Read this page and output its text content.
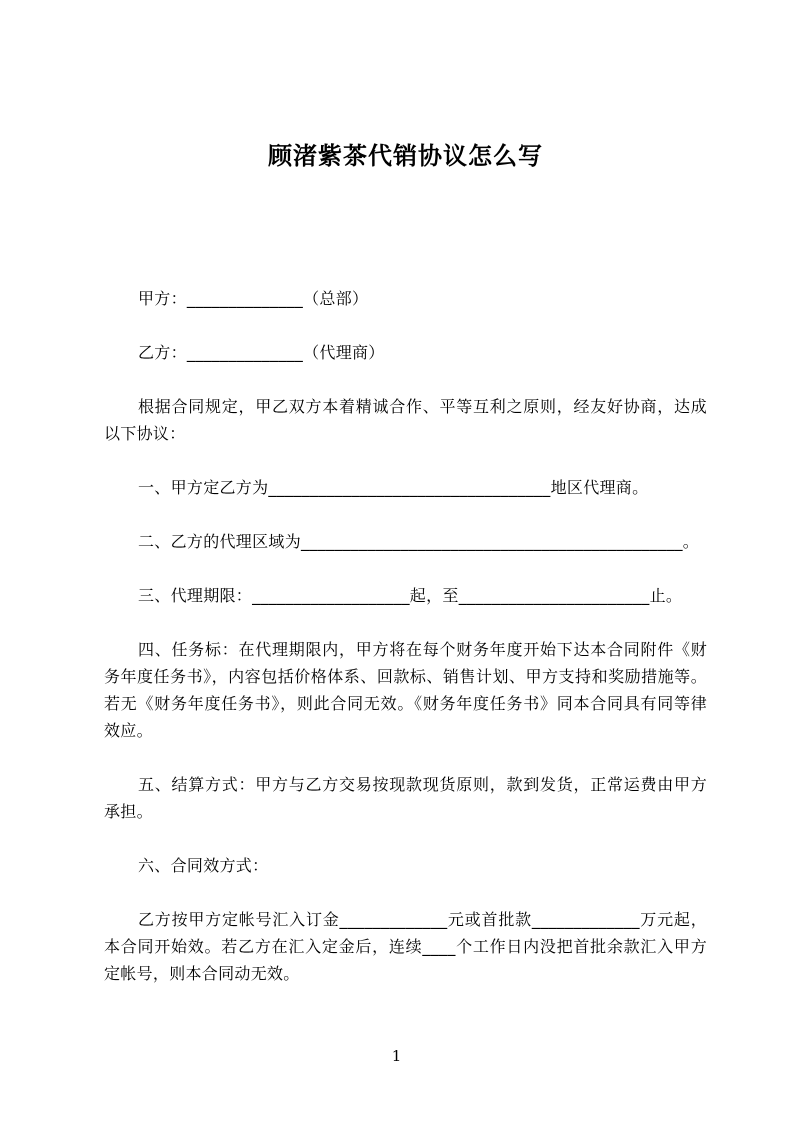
顾渚紫茶代销协议怎么写

甲方：______________（总部）

乙方：______________（代理商）

根据合同规定，甲乙双方本着精诚合作、平等互利之原则，经友好协商，达成以下协议：

一、甲方定乙方为__________________________________地区代理商。

二、乙方的代理区域为______________________________________________。

三、代理期限：___________________起，至_______________________止。

四、任务标：在代理期限内，甲方将在每个财务年度开始下达本合同附件《财务年度任务书》，内容包括价格体系、回款标、销售计划、甲方支持和奖励措施等。若无《财务年度任务书》，则此合同无效。《财务年度任务书》同本合同具有同等律效应。

五、结算方式：甲方与乙方交易按现款现货原则，款到发货，正常运费由甲方承担。

六、合同效方式：

乙方按甲方定帐号汇入订金_____________元或首批款_____________万元起，本合同开始效。若乙方在汇入定金后，连续____个工作日内没把首批余款汇入甲方定帐号，则本合同动无效。

1
